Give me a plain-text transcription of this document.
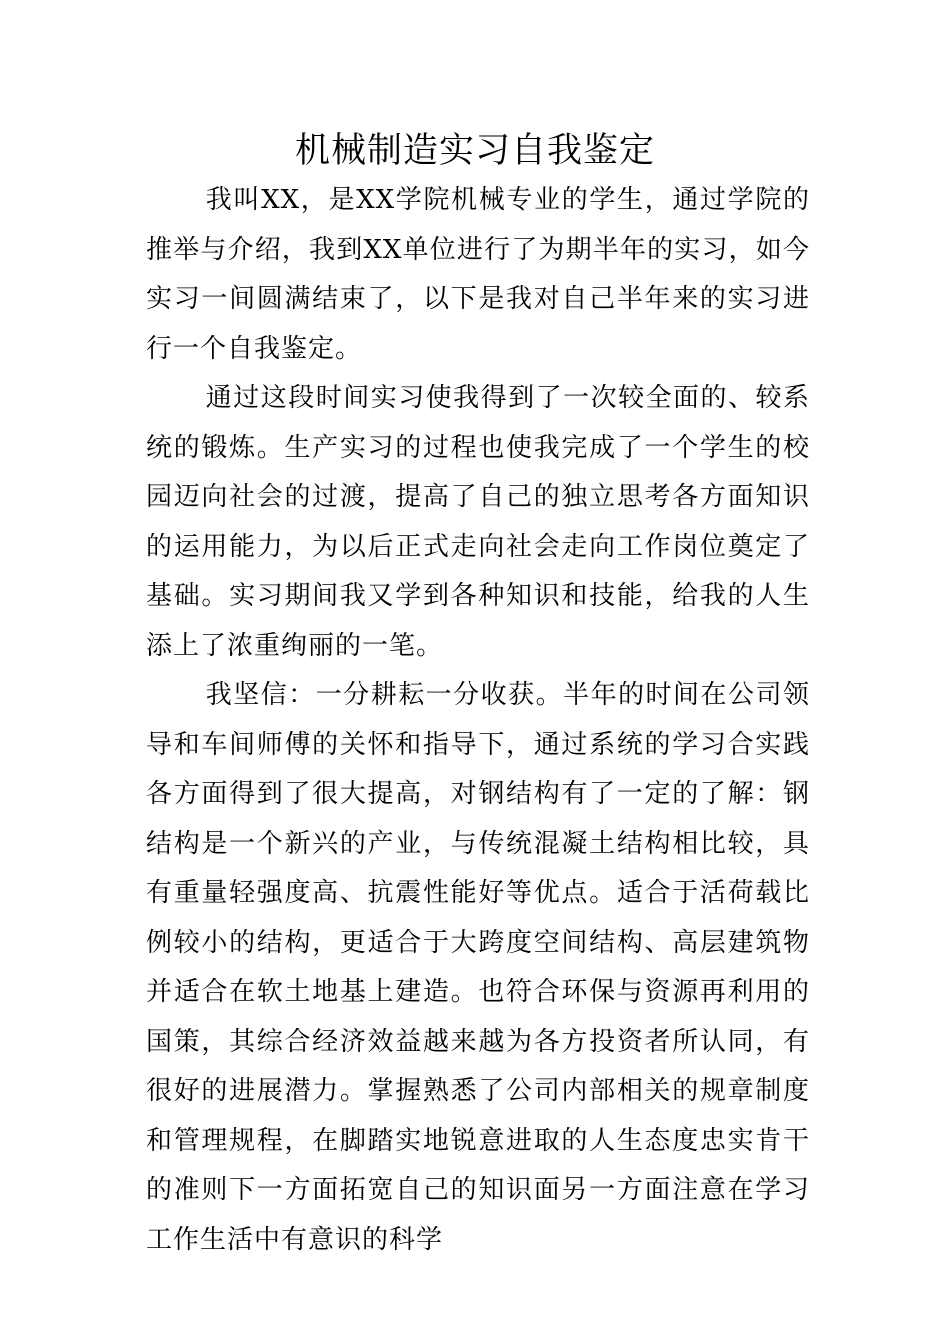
机械制造实习自我鉴定

我叫XX，是XX学院机械专业的学生，通过学院的推举与介绍，我到XX单位进行了为期半年的实习，如今实习一间圆满结束了，以下是我对自己半年来的实习进行一个自我鉴定。

通过这段时间实习使我得到了一次较全面的、较系统的锻炼。生产实习的过程也使我完成了一个学生的校园迈向社会的过渡，提高了自己的独立思考各方面知识的运用能力，为以后正式走向社会走向工作岗位奠定了基础。实习期间我又学到各种知识和技能，给我的人生添上了浓重绚丽的一笔。

我坚信：一分耕耘一分收获。半年的时间在公司领导和车间师傅的关怀和指导下，通过系统的学习合实践各方面得到了很大提高，对钢结构有了一定的了解：钢结构是一个新兴的产业，与传统混凝土结构相比较，具有重量轻强度高、抗震性能好等优点。适合于活荷载比例较小的结构，更适合于大跨度空间结构、高层建筑物并适合在软土地基上建造。也符合环保与资源再利用的国策，其综合经济效益越来越为各方投资者所认同，有很好的进展潜力。掌握熟悉了公司内部相关的规章制度和管理规程，在脚踏实地锐意进取的人生态度忠实肯干的准则下一方面拓宽自己的知识面另一方面注意在学习工作生活中有意识的科学
